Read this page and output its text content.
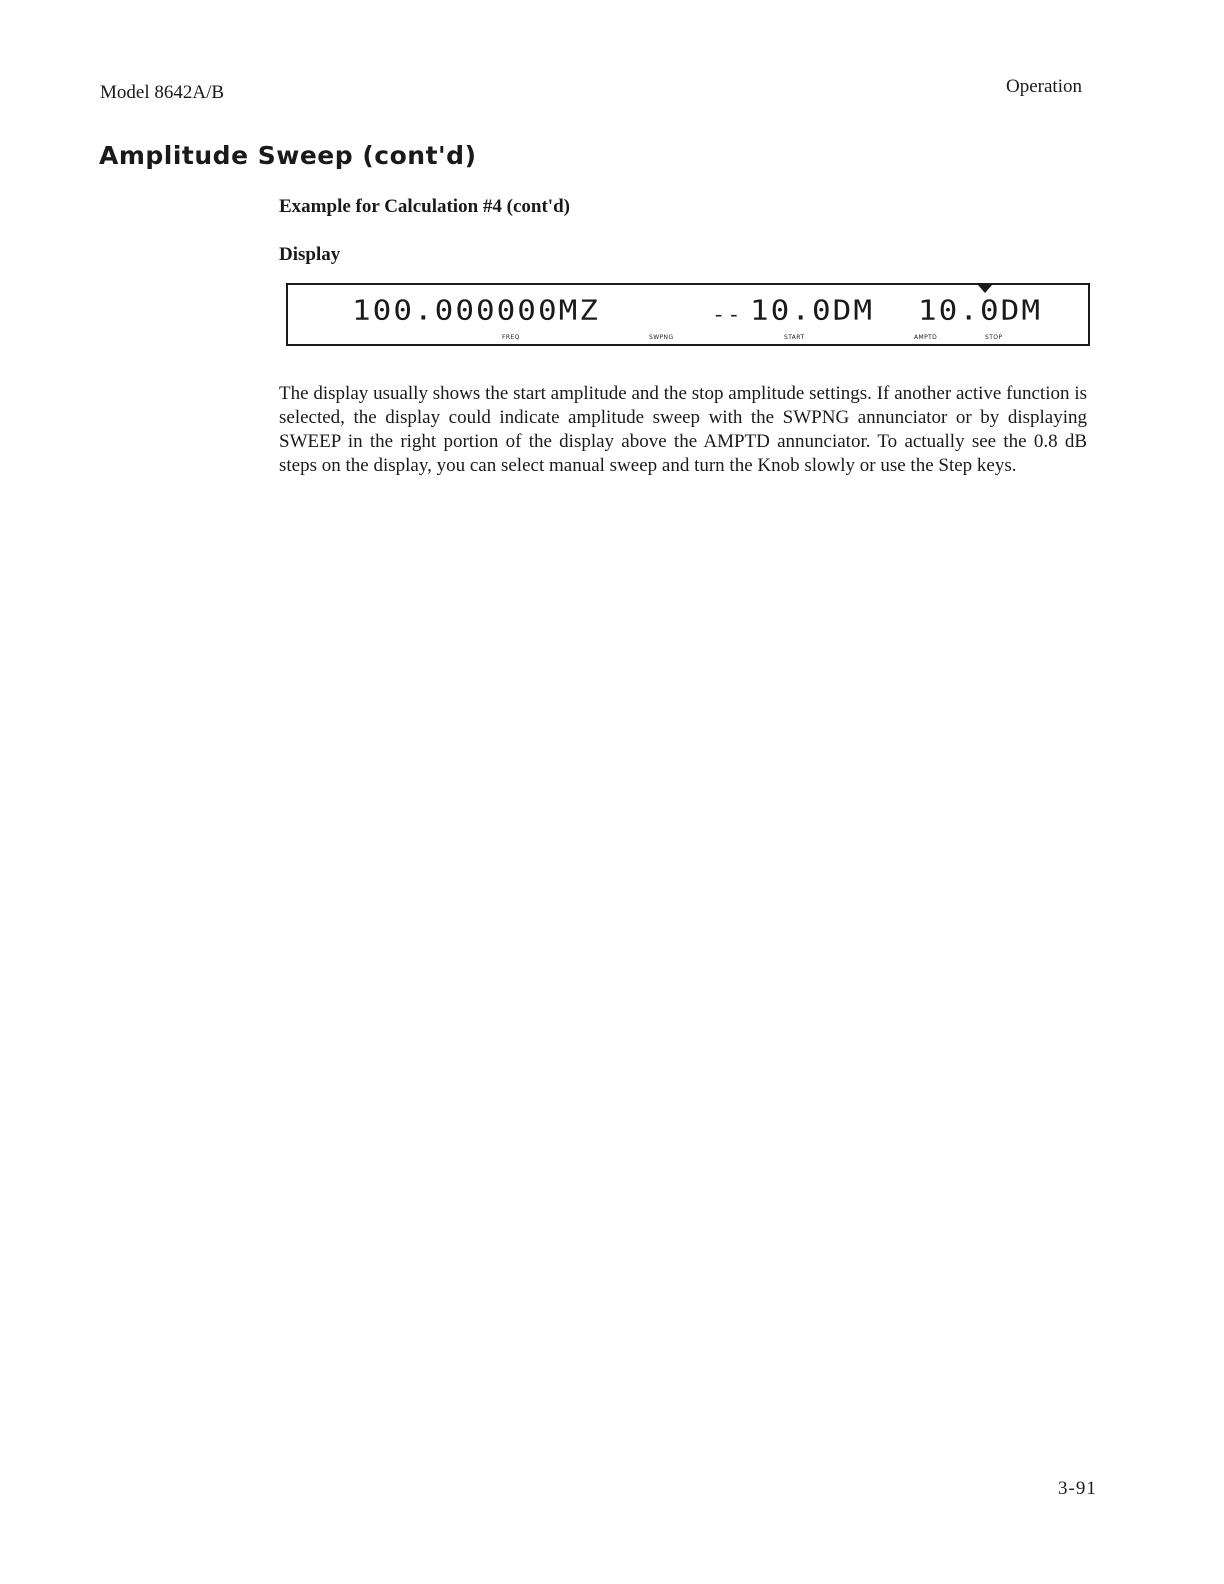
Model 8642A/B	Operation
Amplitude Sweep (cont'd)
Example for Calculation #4 (cont'd)
Display
100.000000MZ	-- 10.0DM 10.0DM
FREQ	SWPNG	START	AMPTD	STOP

The display usually shows the start amplitude and the stop amplitude settings. If another active function is selected, the display could indicate amplitude sweep with the SWPNG annunciator or by displaying SWEEP in the right portion of the display above the AMPTD annunciator. To actually see the 0.8 dB steps on the display, you can select manual sweep and turn the Knob slowly or use the Step keys.

3-91
